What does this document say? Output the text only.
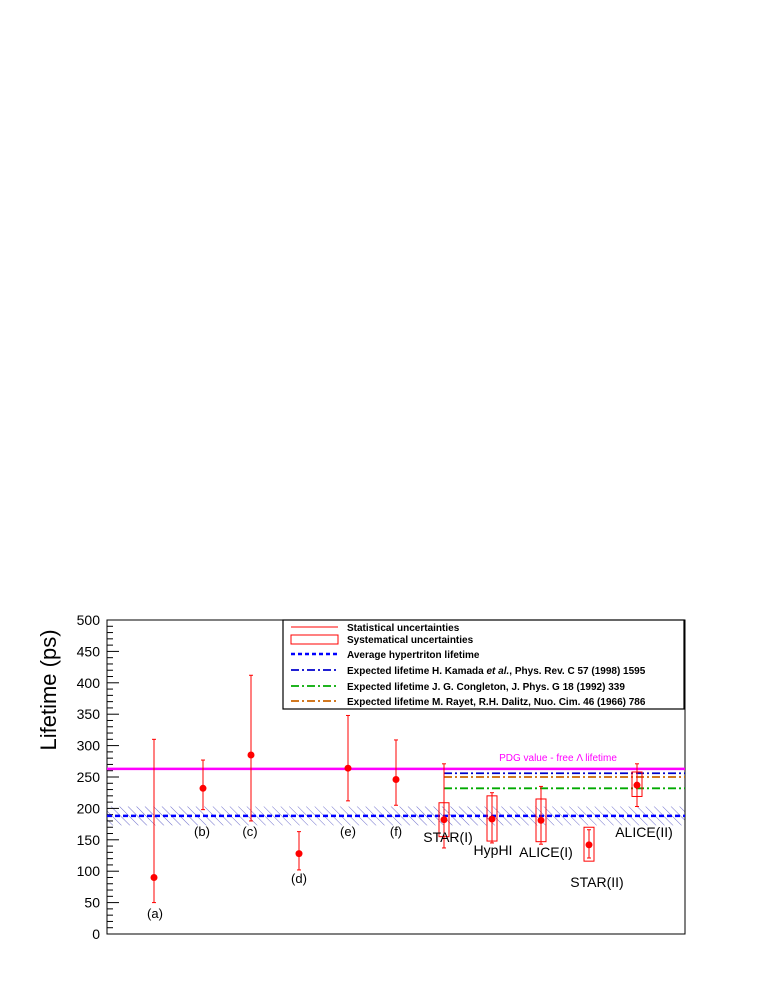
0
50
100
150
200
250
300
350
400
450
500
Lifetime (ps)
PDG value - free Λ lifetime
(a)
(b) (c)
(d)
(e)	(f) STAR(I)
HypHI ALICE(I)
STAR(II)
ALICE(II)
Statistical uncertainties
Systematical uncertainties
Average hypertriton lifetime
Expected lifetime H. Kamada et al., Phys. Rev. C 57 (1998) 1595
Expected lifetime J. G. Congleton, J. Phys. G 18 (1992) 339
Expected lifetime M. Rayet, R.H. Dalitz, Nuo. Cim. 46 (1966) 786
